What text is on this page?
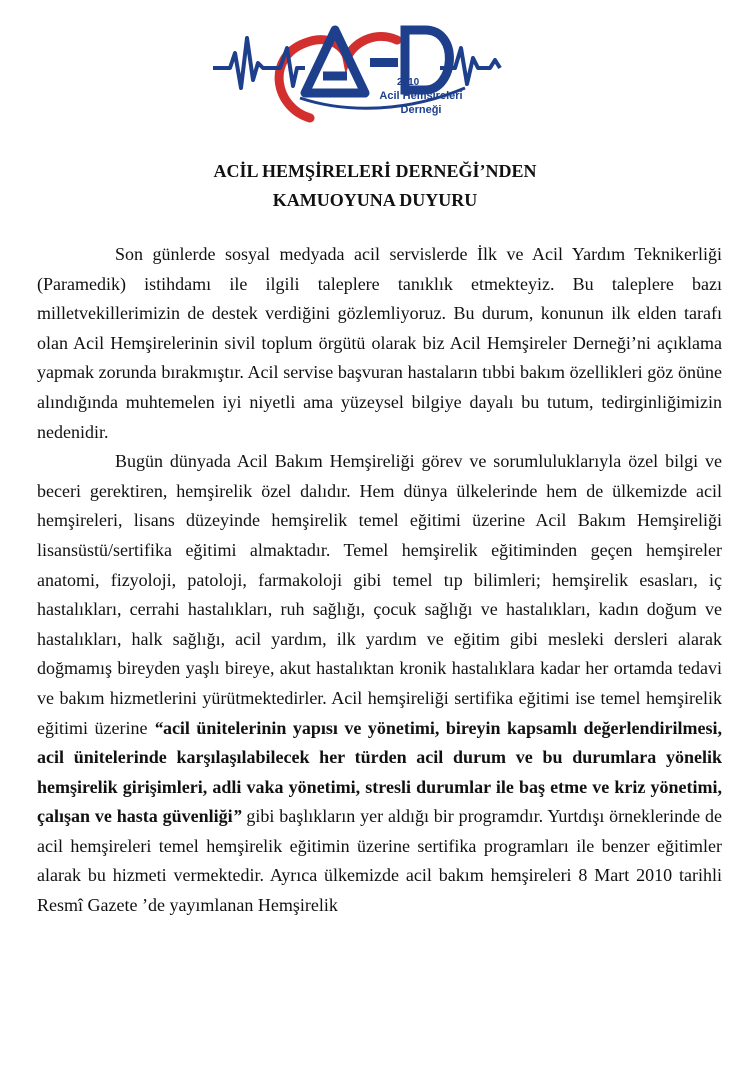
2010
Acil Hemşireleri
Derneği
ACİL HEMŞİRELERİ DERNEĞİ’NDEN
KAMUOYUNA DUYURU

Son günlerde sosyal medyada acil servislerde İlk ve Acil Yardım Teknikerliği (Paramedik) istihdamı ile ilgili taleplere tanıklık etmekteyiz. Bu taleplere bazı milletvekillerimizin de destek verdiğini gözlemliyoruz. Bu durum, konunun ilk elden tarafı olan Acil Hemşirelerinin sivil toplum örgütü olarak biz Acil Hemşireler Derneği’ni açıklama yapmak zorunda bırakmıştır. Acil servise başvuran hastaların tıbbi bakım özellikleri göz önüne alındığında muhtemelen iyi niyetli ama yüzeysel bilgiye dayalı bu tutum, tedirginliğimizin nedenidir.

Bugün dünyada Acil Bakım Hemşireliği görev ve sorumluluklarıyla özel bilgi ve beceri gerektiren, hemşirelik özel dalıdır. Hem dünya ülkelerinde hem de ülkemizde acil hemşireleri, lisans düzeyinde hemşirelik temel eğitimi üzerine Acil Bakım Hemşireliği lisansüstü/sertifika eğitimi almaktadır. Temel hemşirelik eğitiminden geçen hemşireler anatomi, fizyoloji, patoloji, farmakoloji gibi temel tıp bilimleri; hemşirelik esasları, iç hastalıkları, cerrahi hastalıkları, ruh sağlığı, çocuk sağlığı ve hastalıkları, kadın doğum ve hastalıkları, halk sağlığı, acil yardım, ilk yardım ve eğitim gibi mesleki dersleri alarak doğmamış bireyden yaşlı bireye, akut hastalıktan kronik hastalıklara kadar her ortamda tedavi ve bakım hizmetlerini yürütmektedirler. Acil hemşireliği sertifika eğitimi ise temel hemşirelik eğitimi üzerine “acil ünitelerinin yapısı ve yönetimi, bireyin kapsamlı değerlendirilmesi, acil ünitelerinde karşılaşılabilecek her türden acil durum ve bu durumlara yönelik hemşirelik girişimleri, adli vaka yönetimi, stresli durumlar ile baş etme ve kriz yönetimi, çalışan ve hasta güvenliği” gibi başlıkların yer aldığı bir programdır. Yurtdışı örneklerinde de acil hemşireleri temel hemşirelik eğitimin üzerine sertifika programları ile benzer eğitimler alarak bu hizmeti vermektedir. Ayrıca ülkemizde acil bakım hemşireleri 8 Mart 2010 tarihli Resmî Gazete ’de yayımlanan Hemşirelik
